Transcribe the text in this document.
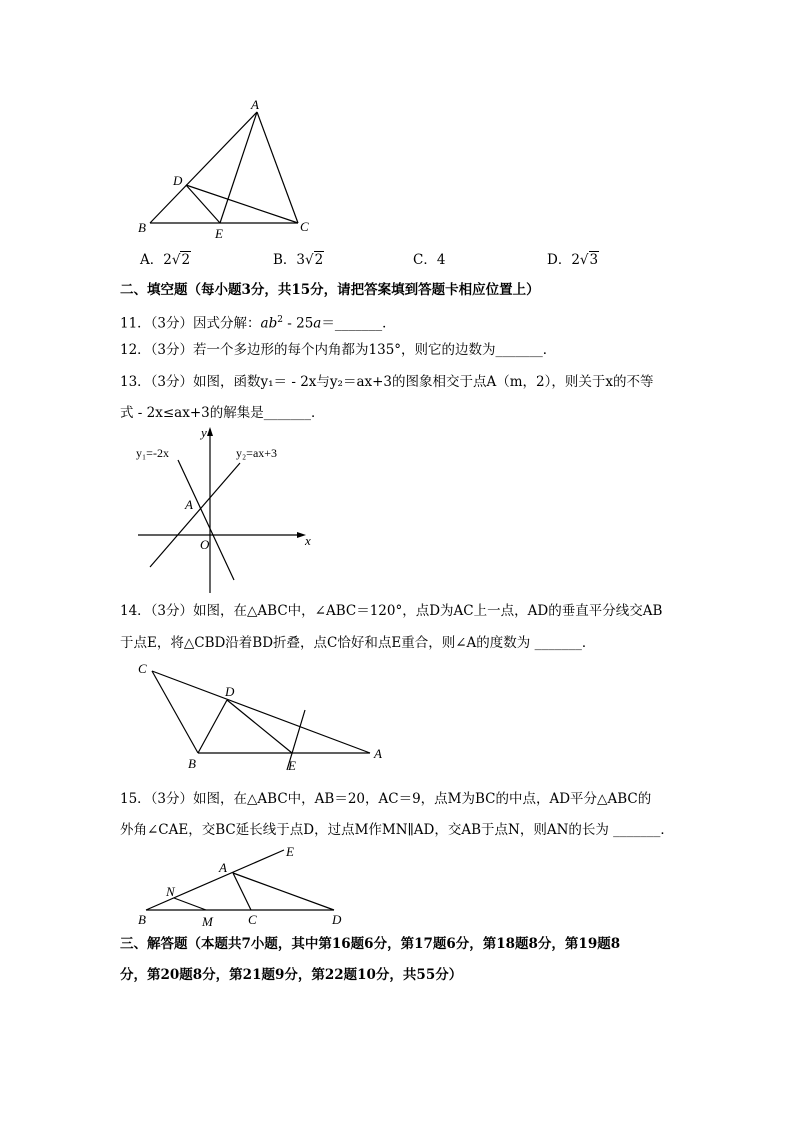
A
B	C
D
E
A．2√2	B．3√2	C．4	D．2√3
二、填空题（每小题3分，共15分，请把答案填到答题卡相应位置上）
11．（3分）因式分解：$ab^2$ - 25a＝_______．
12．（3分）若一个多边形的每个内角都为135°，则它的边数为_______．
13．（3分）如图，函数y₁＝ - 2x与y₂＝ax+3的图象相交于点A（m，2），则关于x的不等
式 - 2x≤ax+3的解集是_______．
y
x
O
A
y₁=-2x	y₂=ax+3
14．（3分）如图，在△ABC中，∠ABC＝120°，点D为AC上一点，AD的垂直平分线交AB
于点E，将△CBD沿着BD折叠，点C恰好和点E重合，则∠A的度数为 _______．
C
D
B	E
A
15．（3分）如图，在△ABC中，AB＝20，AC＝9，点M为BC的中点，AD平分△ABC的
外角∠CAE，交BC延长线于点D，过点M作MN∥AD，交AB于点N，则AN的长为 _______．
E
A
N
B	M	C	D
三、解答题（本题共7小题，其中第16题6分，第17题6分，第18题8分，第19题8
分，第20题8分，第21题9分，第22题10分，共55分）
